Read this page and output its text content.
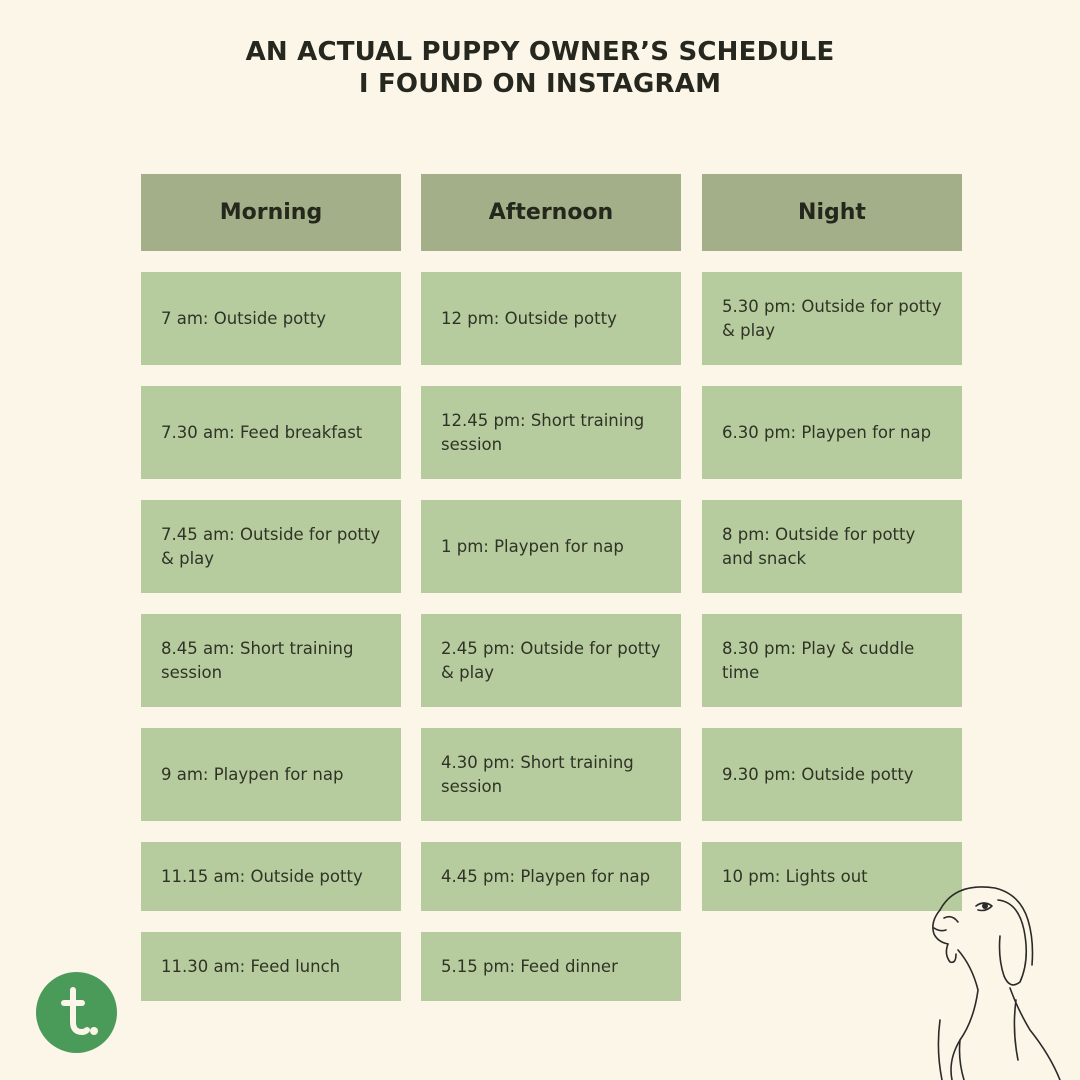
AN ACTUAL PUPPY OWNER’S SCHEDULE
I FOUND ON INSTAGRAM
Morning	Afternoon	Night
7 am: Outside potty
7.30 am: Feed breakfast
7.45 am: Outside for potty & play
8.45 am: Short training session
9 am: Playpen for nap
11.15 am: Outside potty
11.30 am: Feed lunch
12 pm: Outside potty
12.45 pm: Short training session
1 pm: Playpen for nap
2.45 pm: Outside for potty & play
4.30 pm: Short training session
4.45 pm: Playpen for nap
5.15 pm: Feed dinner
5.30 pm: Outside for potty & play
6.30 pm: Playpen for nap
8 pm: Outside for potty and snack
8.30 pm: Play & cuddle time
9.30 pm: Outside potty
10 pm: Lights out
